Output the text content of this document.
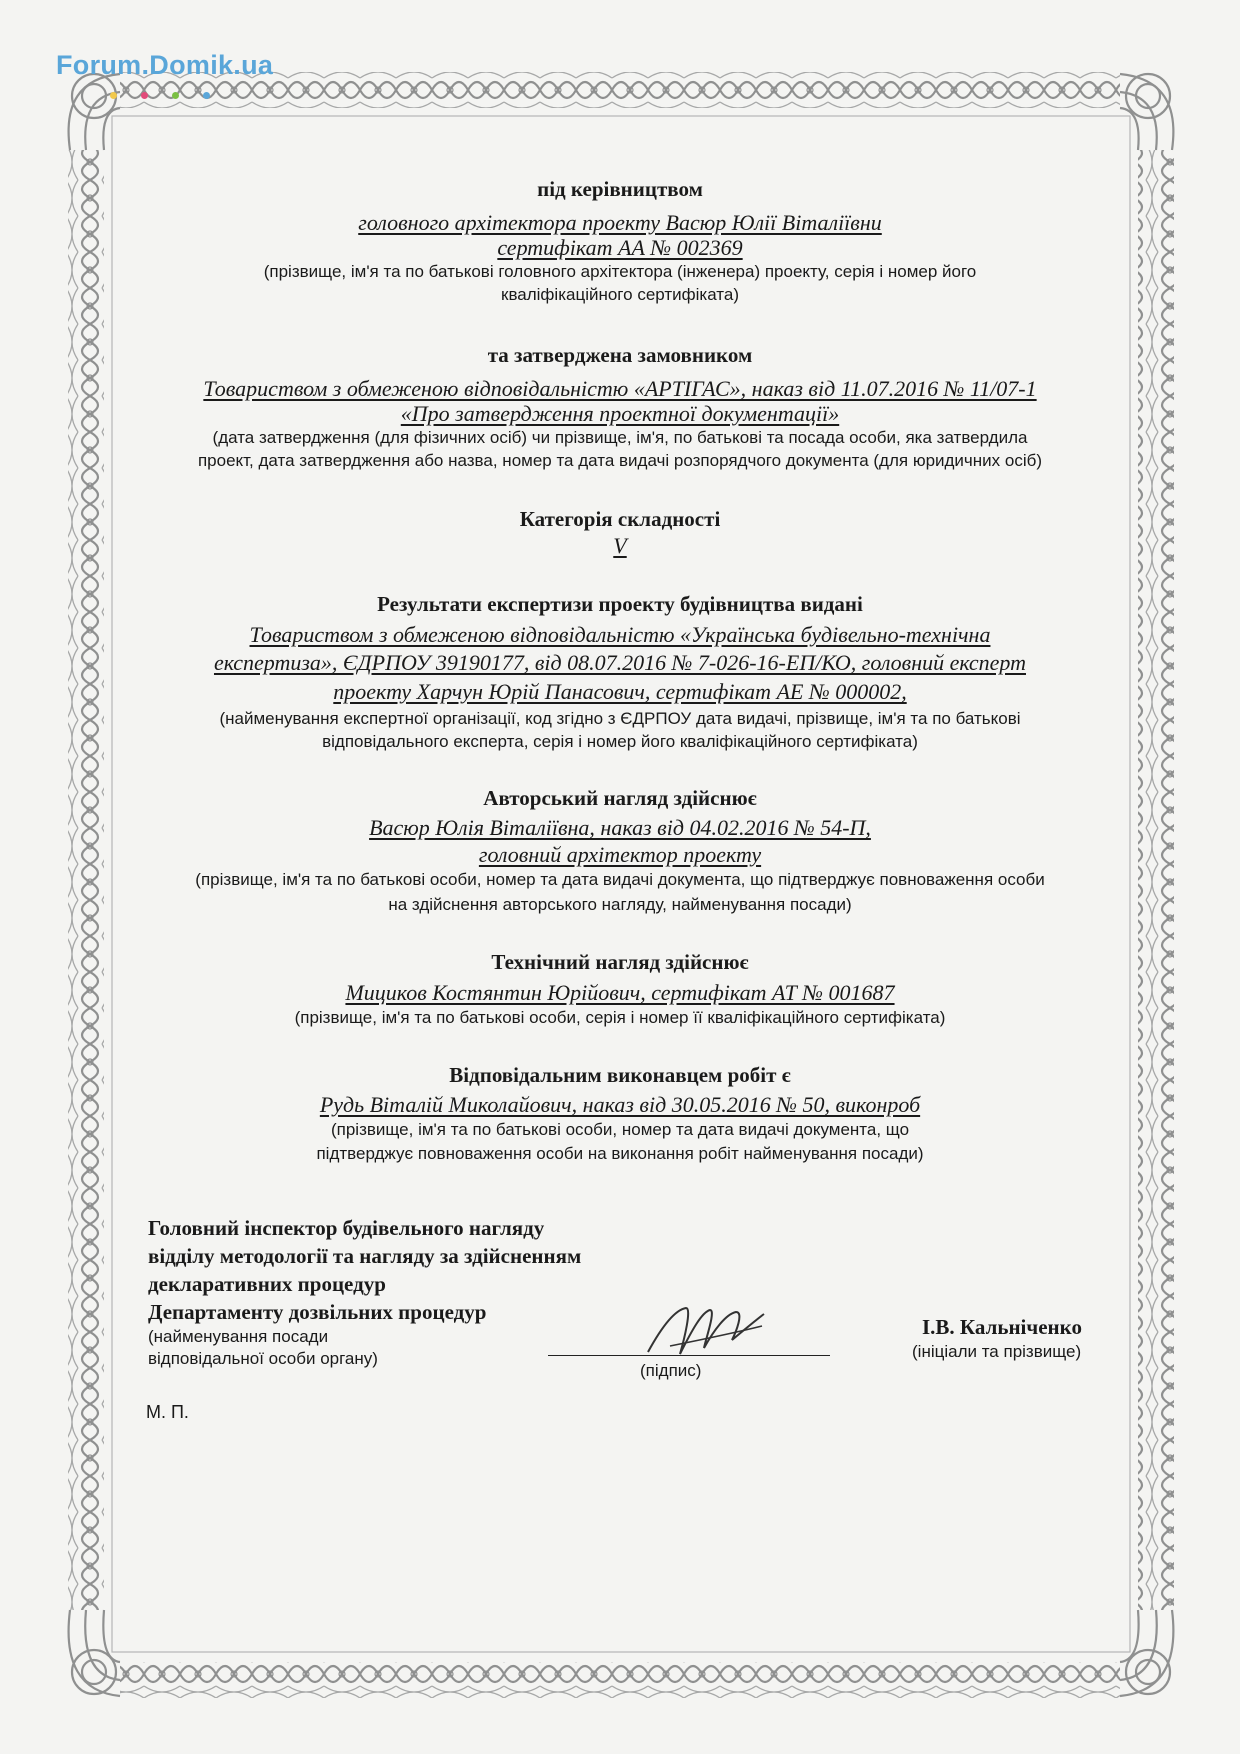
Forum.Domik.ua
під керівництвом
головного архітектора проекту Васюр Юлії Віталіївни
сертифікат АА № 002369
(прізвище, ім'я та по батькові головного архітектора (інженера) проекту, серія і номер його
кваліфікаційного сертифіката)
та затверджена замовником
Товариством з обмеженою відповідальністю «АРТІГАС», наказ від 11.07.2016 № 11/07-1
«Про затвердження проектної документації»
(дата затвердження (для фізичних осіб) чи прізвище, ім'я, по батькові та посада особи, яка затвердила
проект, дата затвердження або назва, номер та дата видачі розпорядчого документа (для юридичних осіб)
Категорія складності
V
Результати експертизи проекту будівництва видані
Товариством з обмеженою відповідальністю «Українська будівельно-технічна
експертиза», ЄДРПОУ 39190177, від 08.07.2016 № 7-026-16-ЕП/КО, головний експерт
проекту Харчун Юрій Панасович, сертифікат АЕ № 000002,
(найменування експертної організації, код згідно з ЄДРПОУ дата видачі, прізвище, ім'я та по батькові
відповідального експерта, серія і номер його кваліфікаційного сертифіката)
Авторський нагляд здійснює
Васюр Юлія Віталіївна, наказ від 04.02.2016 № 54-П,
головний архітектор проекту
(прізвище, ім'я та по батькові особи, номер та дата видачі документа, що підтверджує повноваження особи
на здійснення авторського нагляду, найменування посади)
Технічний нагляд здійснює
Мициков Костянтин Юрійович, сертифікат АТ № 001687
(прізвище, ім'я та по батькові особи, серія і номер її кваліфікаційного сертифіката)
Відповідальним виконавцем робіт є
Рудь Віталій Миколайович, наказ від 30.05.2016 № 50, виконроб
(прізвище, ім'я та по батькові особи, номер та дата видачі документа, що
підтверджує повноваження особи на виконання робіт найменування посади)
Головний інспектор будівельного нагляду
відділу методології та нагляду за здійсненням
декларативних процедур
Департаменту дозвільних процедур
(найменування посади
відповідальної особи органу)
(підпис)
І.В. Кальніченко
(ініціали та прізвище)
М. П.
